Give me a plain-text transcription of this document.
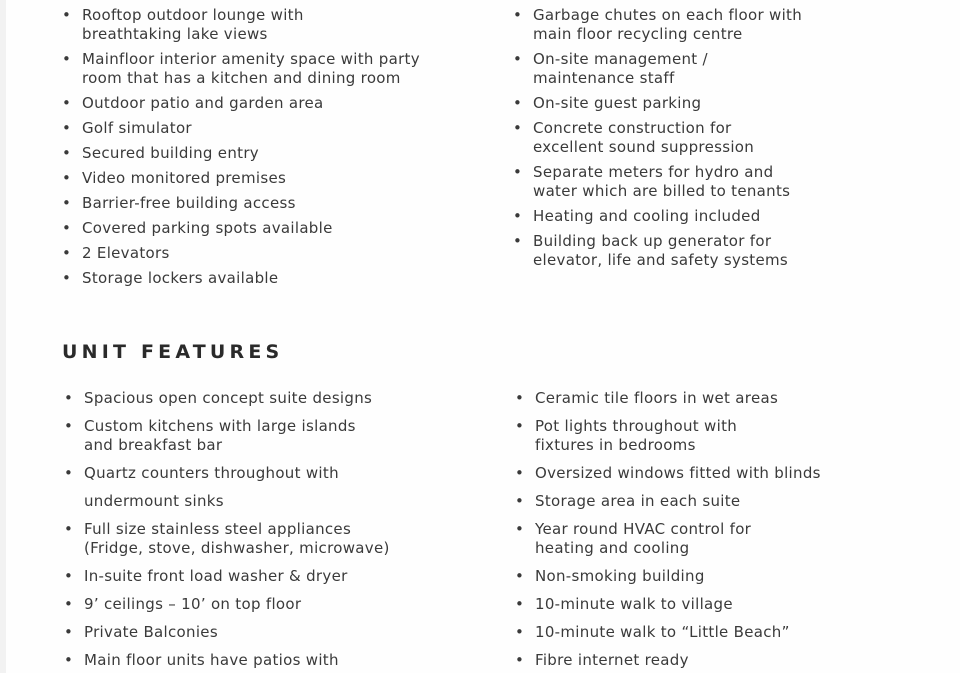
• Rooftop outdoor lounge with
breathtaking lake views
• Mainfloor interior amenity space with party
room that has a kitchen and dining room
• Outdoor patio and garden area
• Golf simulator
• Secured building entry
• Video monitored premises
• Barrier-free building access
• Covered parking spots available
• 2 Elevators
• Storage lockers available
• Garbage chutes on each floor with
main floor recycling centre
• On-site management /
maintenance staff
• On-site guest parking
• Concrete construction for
excellent sound suppression
• Separate meters for hydro and
water which are billed to tenants
• Heating and cooling included
• Building back up generator for
elevator, life and safety systems
UNIT FEATURES
• Spacious open concept suite designs
• Custom kitchens with large islands
and breakfast bar
• Quartz counters throughout with
undermount sinks
• Full size stainless steel appliances
(Fridge, stove, dishwasher, microwave)
• In-suite front load washer & dryer
• 9’ ceilings – 10’ on top floor
• Private Balconies
• Main floor units have patios with
• Ceramic tile floors in wet areas
• Pot lights throughout with
fixtures in bedrooms
• Oversized windows fitted with blinds
• Storage area in each suite
• Year round HVAC control for
heating and cooling
• Non-smoking building
• 10-minute walk to village
• 10-minute walk to “Little Beach”
• Fibre internet ready
